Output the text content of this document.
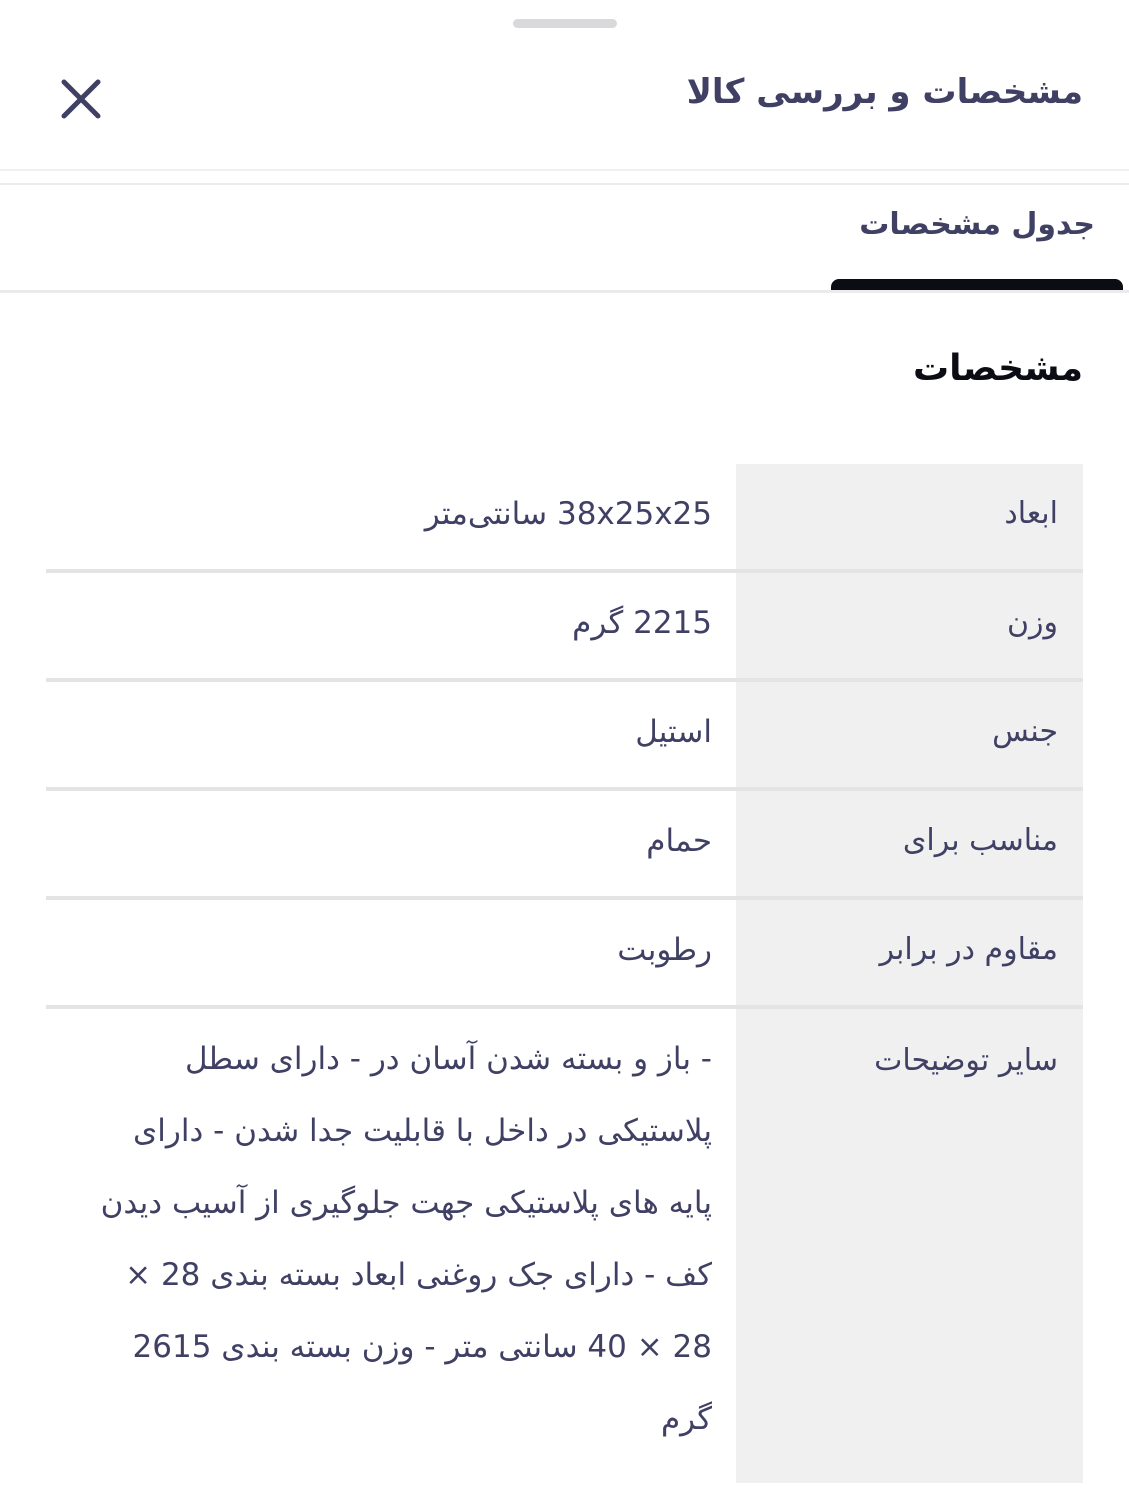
مشخصات و بررسی کالا
جدول مشخصات
مشخصات
ابعاد
38x25x25 سانتی‌متر
وزن
2215 گرم
جنس
استیل
مناسب برای
حمام
مقاوم در برابر
رطوبت
سایر توضیحات
- باز و بسته شدن آسان در - دارای سطل پلاستیکی در داخل با قابلیت جدا شدن - دارای پایه های پلاستیکی جهت جلوگیری از آسیب دیدن کف - دارای جک روغنی ابعاد بسته بندی 28 × 28 × 40 سانتی متر - وزن بسته بندی 2615 گرم
